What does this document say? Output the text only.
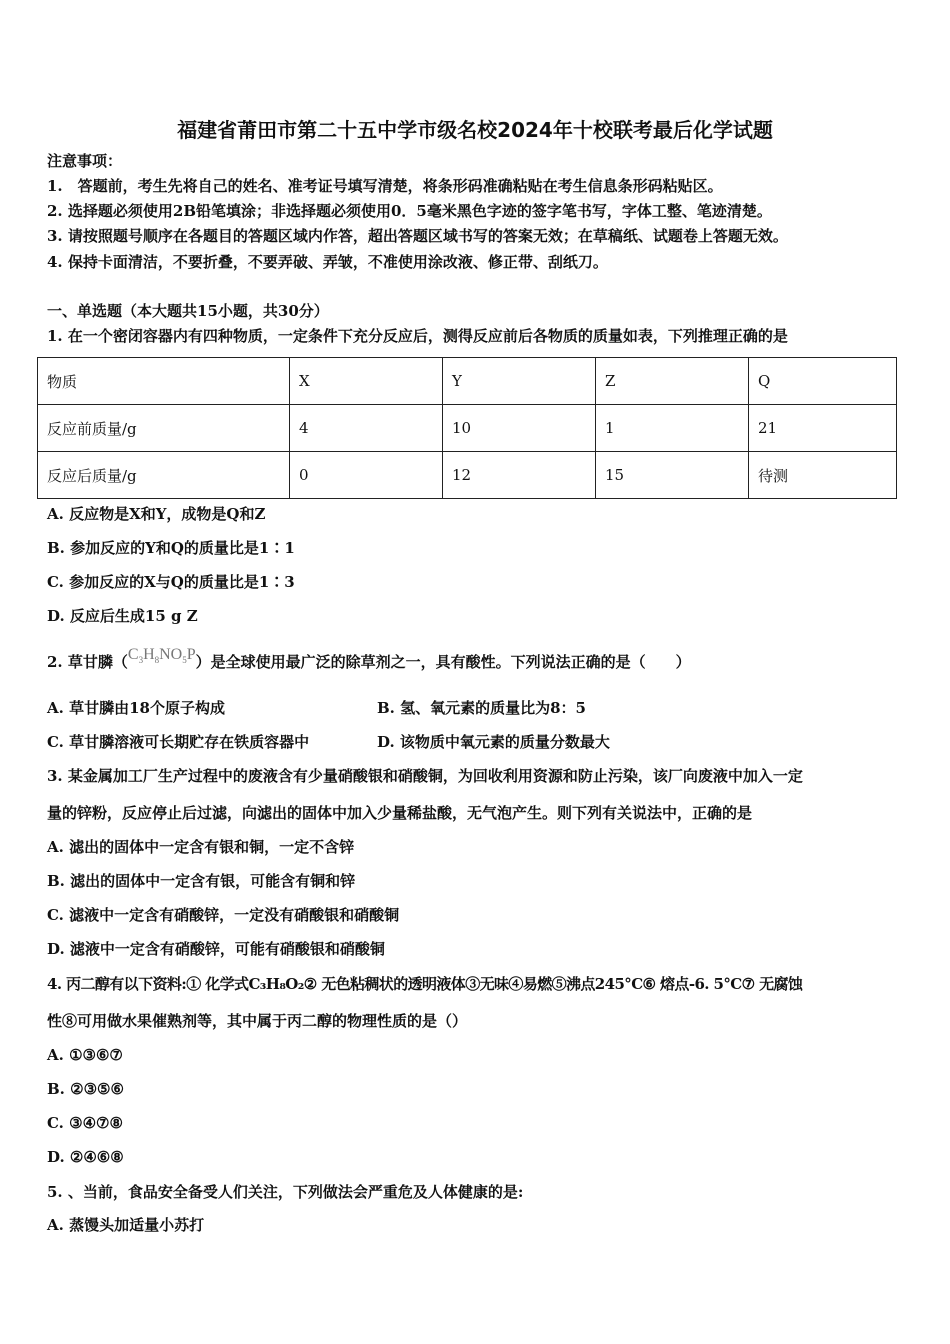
福建省莆田市第二十五中学市级名校2024年十校联考最后化学试题
注意事项：
1.　答题前，考生先将自己的姓名、准考证号填写清楚，将条形码准确粘贴在考生信息条形码粘贴区。
2. 选择题必须使用2B铅笔填涂；非选择题必须使用0．5毫米黑色字迹的签字笔书写，字体工整、笔迹清楚。
3. 请按照题号顺序在各题目的答题区域内作答，超出答题区域书写的答案无效；在草稿纸、试题卷上答题无效。
4. 保持卡面清洁，不要折叠，不要弄破、弄皱，不准使用涂改液、修正带、刮纸刀。
一、单选题（本大题共15小题，共30分）
1. 在一个密闭容器内有四种物质，一定条件下充分反应后，测得反应前后各物质的质量如表，下列推理正确的是
物质	X	Y	Z	Q
反应前质量/g	4	10	1	21
反应后质量/g	0	12	15	待测
A. 反应物是X和Y，成物是Q和Z
B. 参加反应的Y和Q的质量比是1∶1
C. 参加反应的X与Q的质量比是1∶3
D. 反应后生成15 g Z
2. 草甘膦$(C_3H_8NO_5P)$是全球使用最广泛的除草剂之一，具有酸性。下列说法正确的是（　　）
A. 草甘膦由18个原子构成	B. 氢、氧元素的质量比为8：5
C. 草甘膦溶液可长期贮存在铁质容器中	D. 该物质中氧元素的质量分数最大
3. 某金属加工厂生产过程中的废液含有少量硝酸银和硝酸铜，为回收利用资源和防止污染，该厂向废液中加入一定
量的锌粉，反应停止后过滤，向滤出的固体中加入少量稀盐酸，无气泡产生。则下列有关说法中，正确的是
A. 滤出的固体中一定含有银和铜，一定不含锌
B. 滤出的固体中一定含有银，可能含有铜和锌
C. 滤液中一定含有硝酸锌，一定没有硝酸银和硝酸铜
D. 滤液中一定含有硝酸锌，可能有硝酸银和硝酸铜
4. 丙二醇有以下资料:① 化学式C₃H₈O₂② 无色粘稠状的透明液体③无味④易燃⑤沸点245°C⑥ 熔点-6. 5°C⑦ 无腐蚀
性⑧可用做水果催熟剂等，其中属于丙二醇的物理性质的是（）
A. ①③⑥⑦
B. ②③⑤⑥
C. ③④⑦⑧
D. ②④⑥⑧
5. 、当前，食品安全备受人们关注，下列做法会严重危及人体健康的是:
A. 蒸馒头加适量小苏打
